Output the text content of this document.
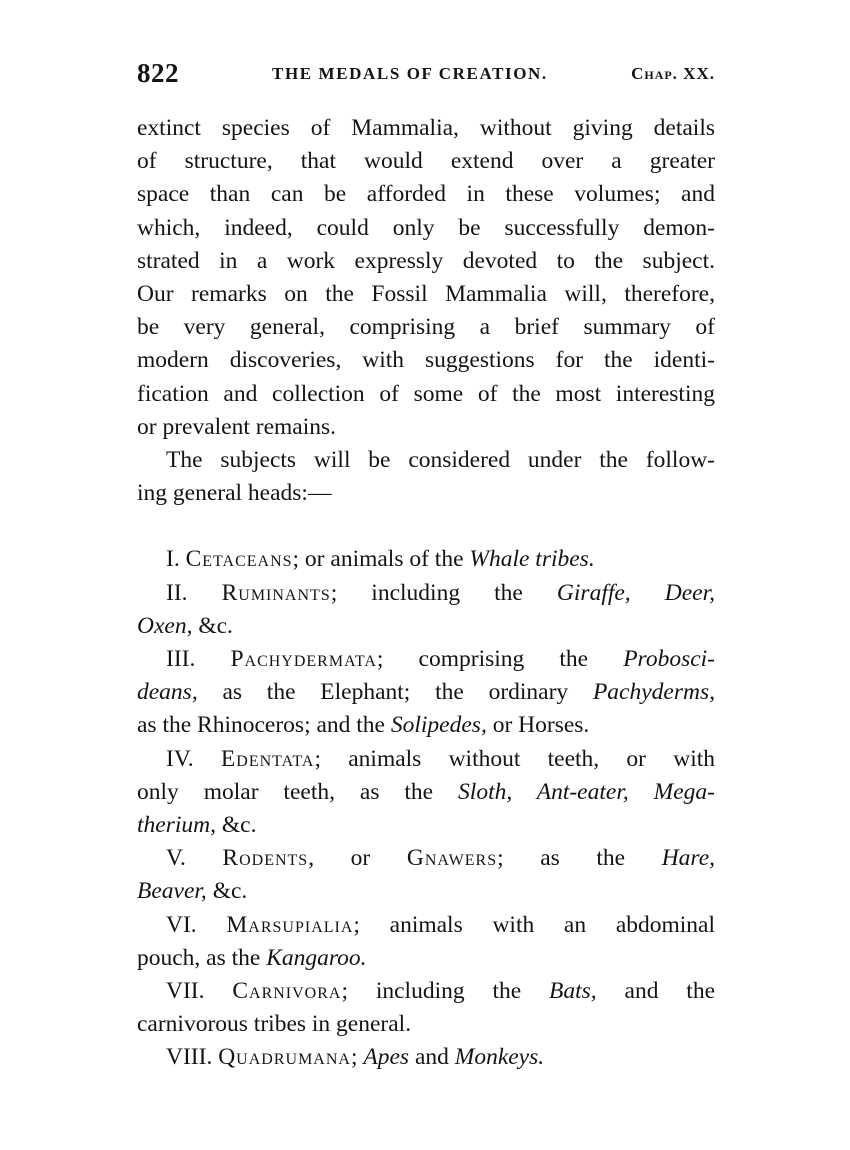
822	THE MEDALS OF CREATION.	Chap. XX.
extinct species of Mammalia, without giving details
of structure, that would extend over a greater
space than can be afforded in these volumes; and
which, indeed, could only be successfully demon-
strated in a work expressly devoted to the subject.
Our remarks on the Fossil Mammalia will, therefore,
be very general, comprising a brief summary of
modern discoveries, with suggestions for the identi-
fication and collection of some of the most interesting
or prevalent remains.
The subjects will be considered under the follow-
ing general heads:—
I. Cetaceans; or animals of the Whale tribes.
II. Ruminants; including the Giraffe, Deer,
Oxen, &c.
III. Pachydermata; comprising the Probosci-
deans, as the Elephant; the ordinary Pachyderms,
as the Rhinoceros; and the Solipedes, or Horses.
IV. Edentata; animals without teeth, or with
only molar teeth, as the Sloth, Ant-eater, Mega-
therium, &c.
V. Rodents, or Gnawers; as the Hare,
Beaver, &c.
VI. Marsupialia; animals with an abdominal
pouch, as the Kangaroo.
VII. Carnivora; including the Bats, and the
carnivorous tribes in general.
VIII. Quadrumana; Apes and Monkeys.
